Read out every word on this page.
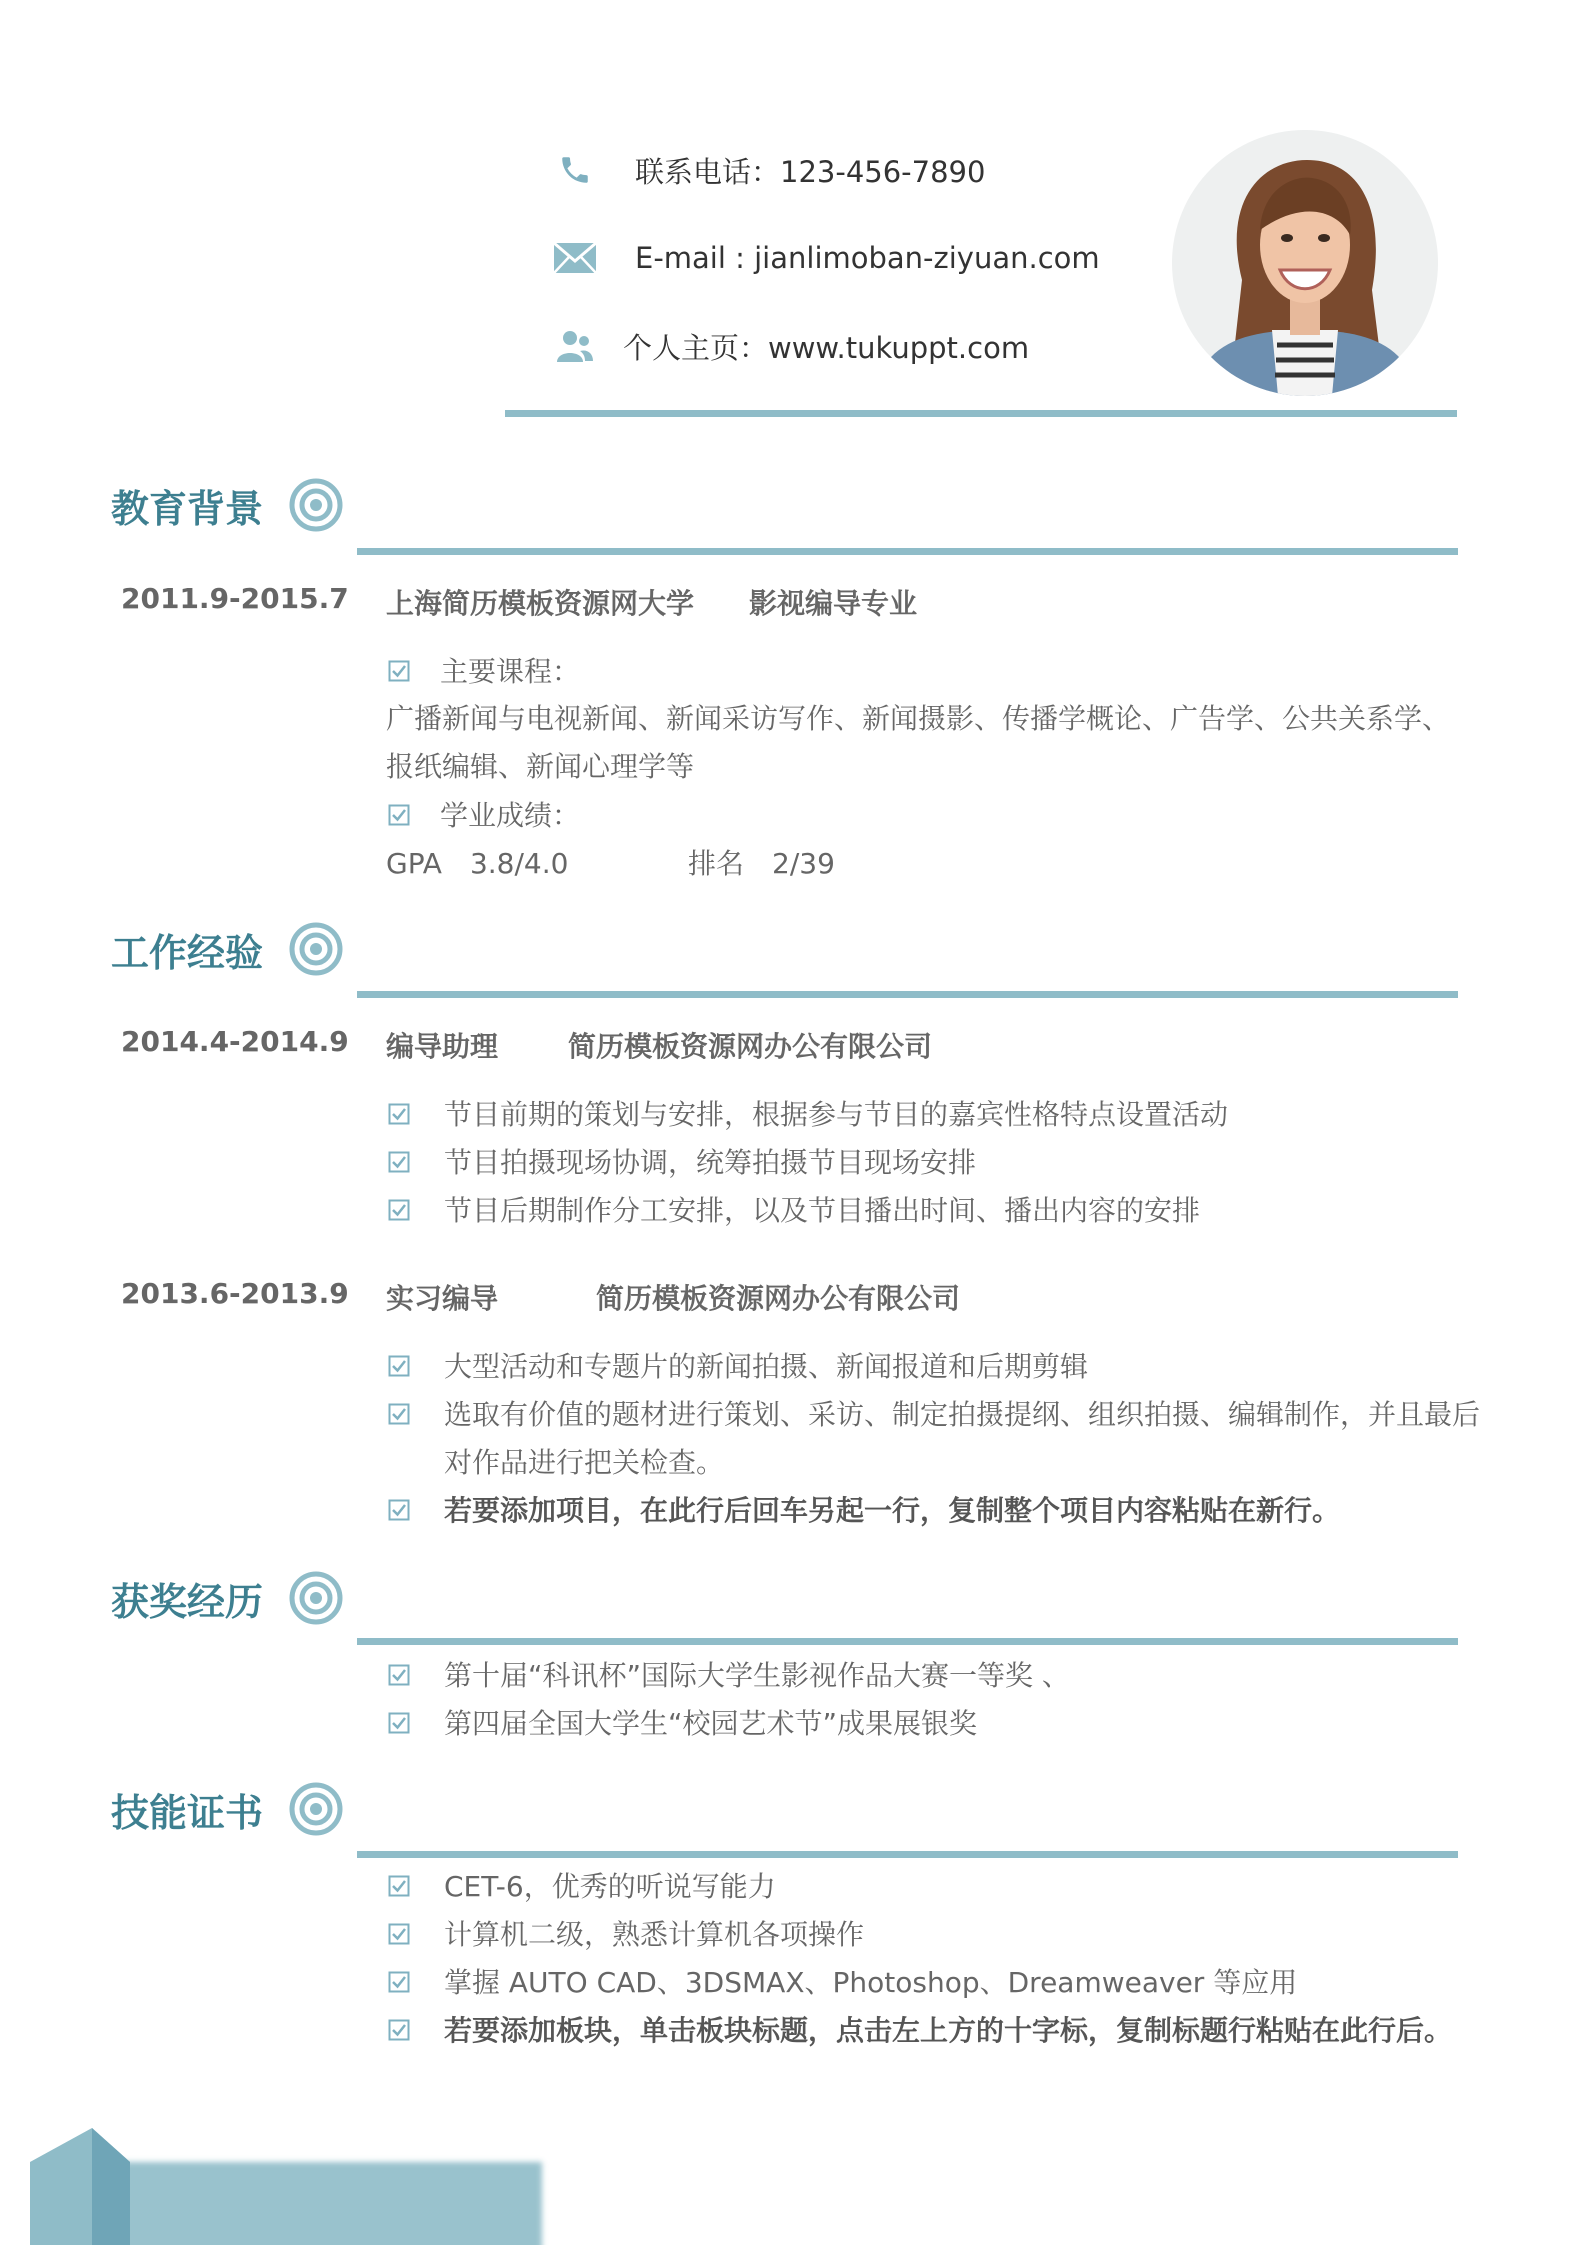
联系电话：123-456-7890
E-mail : jianlimoban-ziyuan.com
个人主页：www.tukuppt.com
教育背景
2011.9-2015.7 上海简历模板资源网大学 影视编导专业
主要课程：
广播新闻与电视新闻、新闻采访写作、新闻摄影、传播学概论、广告学、公共关系学、报纸编辑、新闻心理学等
学业成绩：
GPA　3.8/4.0	排名　2/39
工作经验
2014.4-2014.9 编导助理 简历模板资源网办公有限公司
节目前期的策划与安排，根据参与节目的嘉宾性格特点设置活动
节目拍摄现场协调，统筹拍摄节目现场安排
节目后期制作分工安排，以及节目播出时间、播出内容的安排
2013.6-2013.9 实习编导	简历模板资源网办公有限公司
大型活动和专题片的新闻拍摄、新闻报道和后期剪辑
选取有价值的题材进行策划、采访、制定拍摄提纲、组织拍摄、编辑制作，并且最后对作品进行把关检查。
若要添加项目，在此行后回车另起一行，复制整个项目内容粘贴在新行。
获奖经历
第十届“科讯杯”国际大学生影视作品大赛一等奖 、
第四届全国大学生“校园艺术节”成果展银奖
技能证书
CET-6，优秀的听说写能力
计算机二级，熟悉计算机各项操作
掌握 AUTO CAD、3DSMAX、Photoshop、Dreamweaver 等应用
若要添加板块，单击板块标题，点击左上方的十字标，复制标题行粘贴在此行后。
